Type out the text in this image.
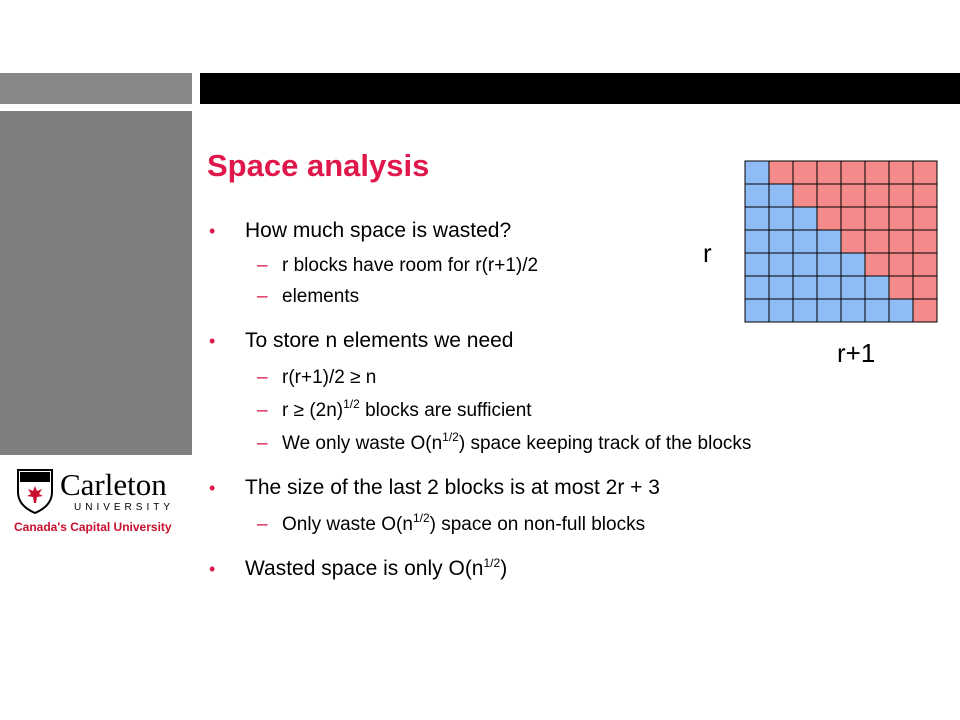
Space analysis
• How much space is wasted?
– r blocks have room for r(r+1)/2
– elements
• To store n elements we need
– r(r+1)/2 ≥ n
– $r \ge (2n)^{1/2}$ blocks are sufficient
– We only waste $O(n^{1/2})$ space keeping track of the blocks
• The size of the last 2 blocks is at most 2r + 3
– Only waste $O(n^{1/2})$ space on non-full blocks
• Wasted space is only $O(n^{1/2})$
r
r+1
Carleton
UNIVERSITY
Canada's Capital University
